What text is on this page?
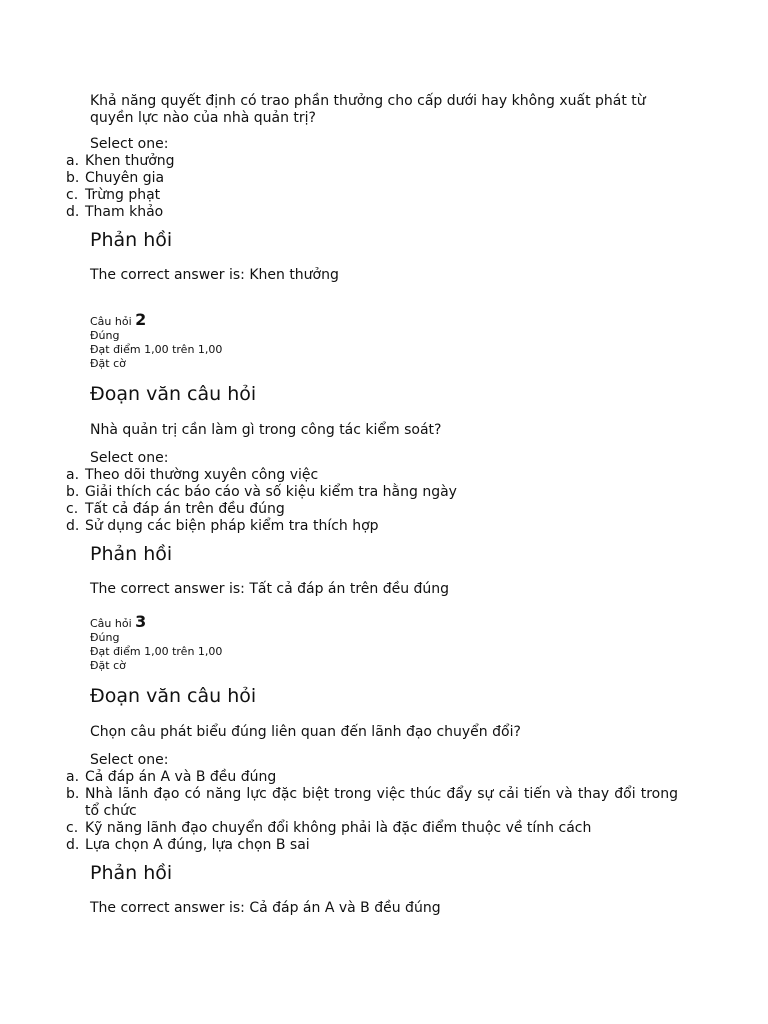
Khả năng quyết định có trao phần thưởng cho cấp dưới hay không xuất phát từ quyền lực nào của nhà quản trị?

Select one:
a. Khen thưởng
b. Chuyên gia
c. Trừng phạt
d. Tham khảo
Phản hồi
The correct answer is: Khen thưởng
Câu hỏi 2
Đúng
Đạt điểm 1,00 trên 1,00
Đặt cờ
Đoạn văn câu hỏi

Nhà quản trị cần làm gì trong công tác kiểm soát?

Select one:
a. Theo dõi thường xuyên công việc
b. Giải thích các báo cáo và số kiệu kiểm tra hằng ngày
c. Tất cả đáp án trên đều đúng
d. Sử dụng các biện pháp kiểm tra thích hợp
Phản hồi
The correct answer is: Tất cả đáp án trên đều đúng
Câu hỏi 3
Đúng
Đạt điểm 1,00 trên 1,00
Đặt cờ
Đoạn văn câu hỏi

Chọn câu phát biểu đúng liên quan đến lãnh đạo chuyển đổi?

Select one:
a. Cả đáp án A và B đều đúng
b. Nhà lãnh đạo có năng lực đặc biệt trong việc thúc đẩy sự cải tiến và thay đổi trong tổ chức
c. Kỹ năng lãnh đạo chuyển đổi không phải là đặc điểm thuộc về tính cách
d. Lựa chọn A đúng, lựa chọn B sai
Phản hồi
The correct answer is: Cả đáp án A và B đều đúng
